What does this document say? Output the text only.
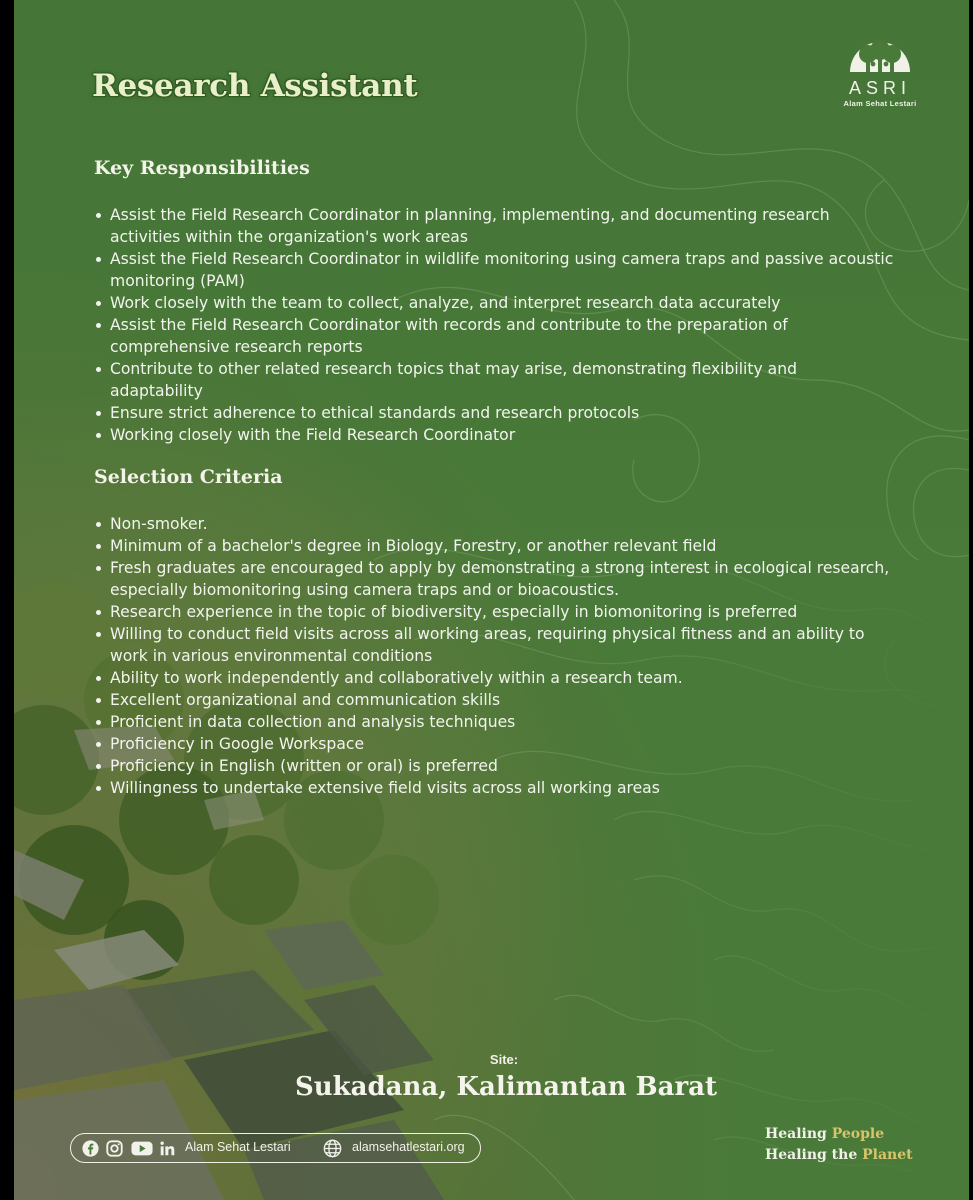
Research Assistant	ASRI
Alam Sehat Lestari
Key Responsibilities
Assist the Field Research Coordinator in planning, implementing, and documenting research activities within the organization's work areas
Assist the Field Research Coordinator in wildlife monitoring using camera traps and passive acoustic monitoring (PAM)
Work closely with the team to collect, analyze, and interpret research data accurately
Assist the Field Research Coordinator with records and contribute to the preparation of comprehensive research reports
Contribute to other related research topics that may arise, demonstrating flexibility and adaptability
Ensure strict adherence to ethical standards and research protocols
Working closely with the Field Research Coordinator
Selection Criteria
Non-smoker.
Minimum of a bachelor's degree in Biology, Forestry, or another relevant field
Fresh graduates are encouraged to apply by demonstrating a strong interest in ecological research, especially biomonitoring using camera traps and or bioacoustics.
Research experience in the topic of biodiversity, especially in biomonitoring is preferred
Willing to conduct field visits across all working areas, requiring physical fitness and an ability to work in various environmental conditions
Ability to work independently and collaboratively within a research team.
Excellent organizational and communication skills
Proficient in data collection and analysis techniques
Proficiency in Google Workspace
Proficiency in English (written or oral) is preferred
Willingness to undertake extensive field visits across all working areas
Site:
Sukadana, Kalimantan Barat
Alam Sehat Lestari	alamsehatlestari.org
Healing People
Healing the Planet
